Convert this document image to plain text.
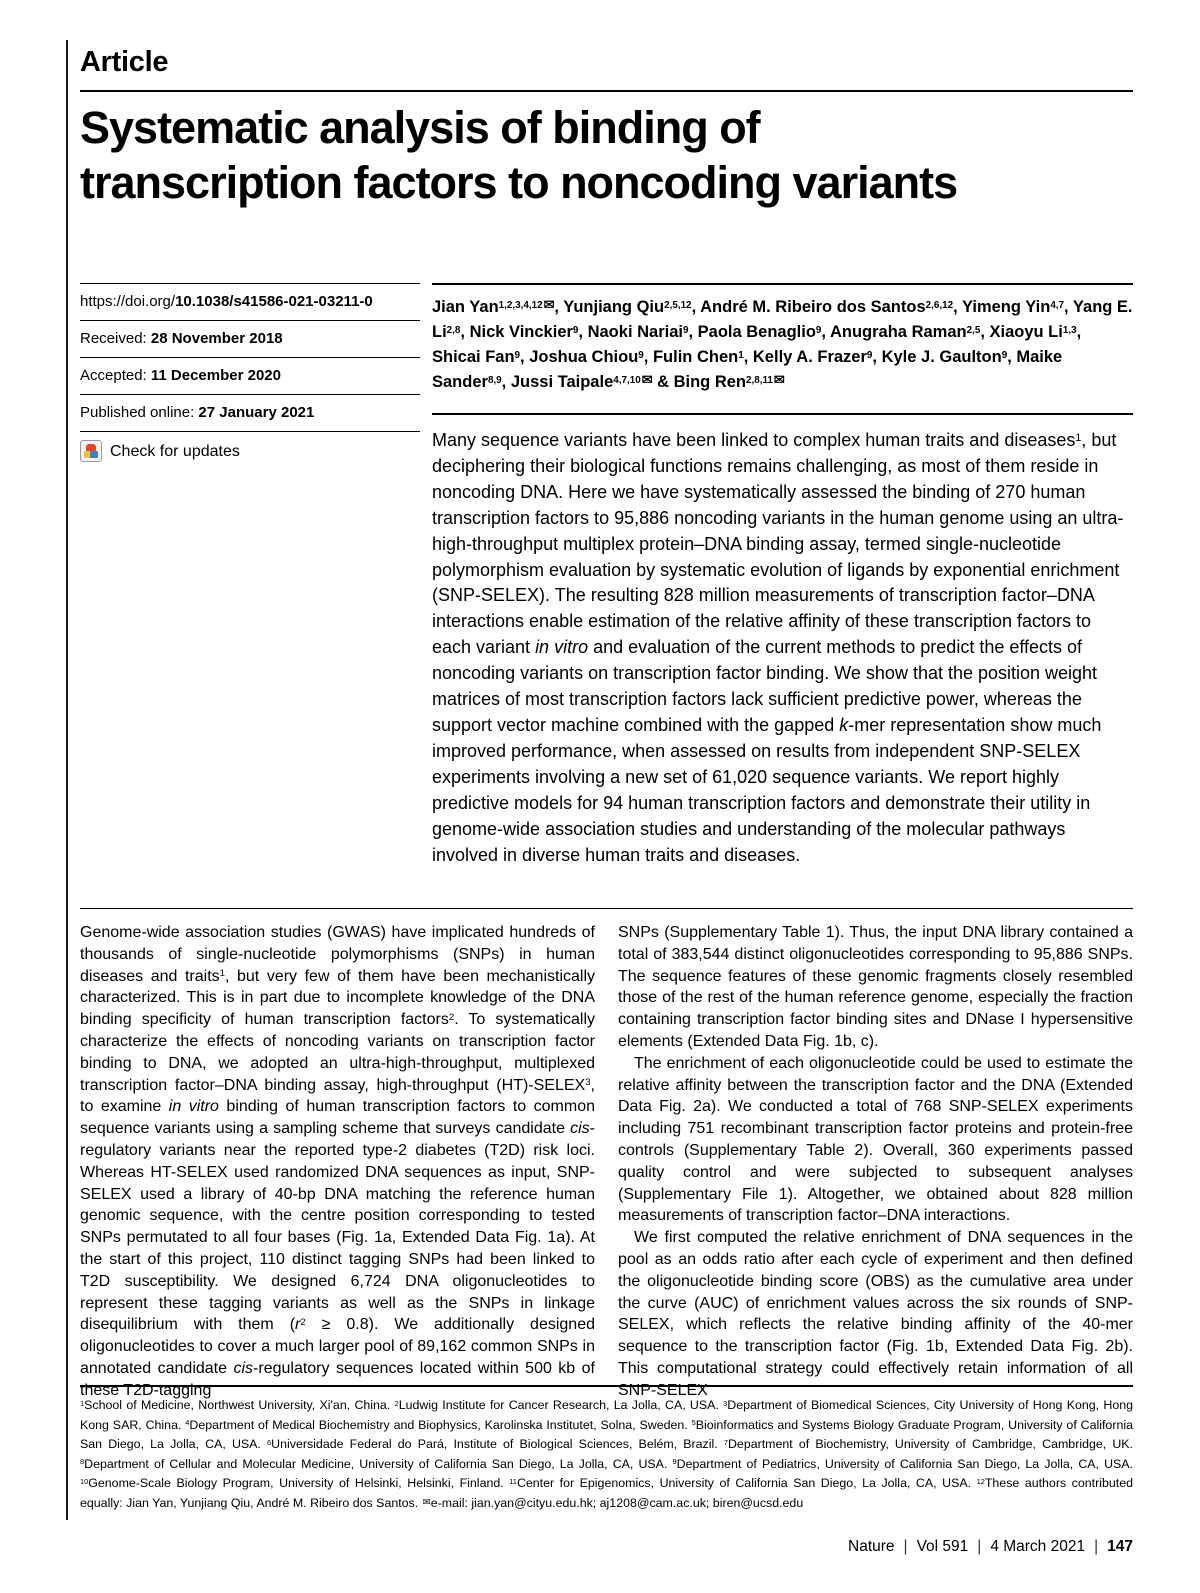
Article
Systematic analysis of binding of
transcription factors to noncoding variants
https://doi.org/10.1038/s41586-021-03211-0
Received: 28 November 2018
Accepted: 11 December 2020
Published online: 27 January 2021
Check for updates
Jian Yan$^{1,2,3,4,12}$✉, Yunjiang Qiu$^{2,5,12}$, André M. Ribeiro dos Santos$^{2,6,12}$, Yimeng Yin$^{4,7}$, Yang E. Li$^{2,8}$, Nick Vinckier$^9$, Naoki Nariai$^9$, Paola Benaglio$^9$, Anugraha Raman$^{2,5}$, Xiaoyu Li$^{1,3}$, Shicai Fan$^9$, Joshua Chiou$^9$, Fulin Chen$^1$, Kelly A. Frazer$^9$, Kyle J. Gaulton$^9$, Maike Sander$^{8,9}$, Jussi Taipale$^{4,7,10}$✉ & Bing Ren$^{2,8,11}$✉
Many sequence variants have been linked to complex human traits and diseases$^1$, but deciphering their biological functions remains challenging, as most of them reside in noncoding DNA. Here we have systematically assessed the binding of 270 human transcription factors to 95,886 noncoding variants in the human genome using an ultra-high-throughput multiplex protein–DNA binding assay, termed single-nucleotide polymorphism evaluation by systematic evolution of ligands by exponential enrichment (SNP-SELEX). The resulting 828 million measurements of transcription factor–DNA interactions enable estimation of the relative affinity of these transcription factors to each variant in vitro and evaluation of the current methods to predict the effects of noncoding variants on transcription factor binding. We show that the position weight matrices of most transcription factors lack sufficient predictive power, whereas the support vector machine combined with the gapped k-mer representation show much improved performance, when assessed on results from independent SNP-SELEX experiments involving a new set of 61,020 sequence variants. We report highly predictive models for 94 human transcription factors and demonstrate their utility in genome-wide association studies and understanding of the molecular pathways involved in diverse human traits and diseases.

Genome-wide association studies (GWAS) have implicated hundreds of thousands of single-nucleotide polymorphisms (SNPs) in human diseases and traits$^1$, but very few of them have been mechanistically characterized. This is in part due to incomplete knowledge of the DNA binding specificity of human transcription factors$^2$. To systematically characterize the effects of noncoding variants on transcription factor binding to DNA, we adopted an ultra-high-throughput, multiplexed transcription factor–DNA binding assay, high-throughput (HT)-SELEX$^3$, to examine in vitro binding of human transcription factors to common sequence variants using a sampling scheme that surveys candidate cis-regulatory variants near the reported type-2 diabetes (T2D) risk loci. Whereas HT-SELEX used randomized DNA sequences as input, SNP-SELEX used a library of 40-bp DNA matching the reference human genomic sequence, with the centre position corresponding to tested SNPs permutated to all four bases (Fig. 1a, Extended Data Fig. 1a). At the start of this project, 110 distinct tagging SNPs had been linked to T2D susceptibility. We designed 6,724 DNA oligonucleotides to represent these tagging variants as well as the SNPs in linkage disequilibrium with them $(r^2 \ge 0.8)$. We additionally designed oligonucleotides to cover a much larger pool of 89,162 common SNPs in annotated candidate cis-regulatory sequences located within 500 kb of these T2D-tagging

SNPs (Supplementary Table 1). Thus, the input DNA library contained a total of 383,544 distinct oligonucleotides corresponding to 95,886 SNPs. The sequence features of these genomic fragments closely resembled those of the rest of the human reference genome, especially the fraction containing transcription factor binding sites and DNase I hypersensitive elements (Extended Data Fig. 1b, c).

The enrichment of each oligonucleotide could be used to estimate the relative affinity between the transcription factor and the DNA (Extended Data Fig. 2a). We conducted a total of 768 SNP-SELEX experiments including 751 recombinant transcription factor proteins and protein-free controls (Supplementary Table 2). Overall, 360 experiments passed quality control and were subjected to subsequent analyses (Supplementary File 1). Altogether, we obtained about 828 million measurements of transcription factor–DNA interactions.

We first computed the relative enrichment of DNA sequences in the pool as an odds ratio after each cycle of experiment and then defined the oligonucleotide binding score (OBS) as the cumulative area under the curve (AUC) of enrichment values across the six rounds of SNP-SELEX, which reflects the relative binding affinity of the 40-mer sequence to the transcription factor (Fig. 1b, Extended Data Fig. 2b). This computational strategy could effectively retain information of all SNP-SELEX

$^1$School of Medicine, Northwest University, Xi'an, China. $^2$Ludwig Institute for Cancer Research, La Jolla, CA, USA. $^3$Department of Biomedical Sciences, City University of Hong Kong, Hong Kong SAR, China. $^4$Department of Medical Biochemistry and Biophysics, Karolinska Institutet, Solna, Sweden. $^5$Bioinformatics and Systems Biology Graduate Program, University of California San Diego, La Jolla, CA, USA. $^6$Universidade Federal do Pará, Institute of Biological Sciences, Belém, Brazil. $^7$Department of Biochemistry, University of Cambridge, Cambridge, UK. $^8$Department of Cellular and Molecular Medicine, University of California San Diego, La Jolla, CA, USA. $^9$Department of Pediatrics, University of California San Diego, La Jolla, CA, USA. $^{10}$Genome-Scale Biology Program, University of Helsinki, Helsinki, Finland. $^{11}$Center for Epigenomics, University of California San Diego, La Jolla, CA, USA. $^{12}$These authors contributed equally: Jian Yan, Yunjiang Qiu, André M. Ribeiro dos Santos. ✉e-mail: jian.yan@cityu.edu.hk; aj1208@cam.ac.uk; biren@ucsd.edu
Nature | Vol 591 | 4 March 2021 | 147
